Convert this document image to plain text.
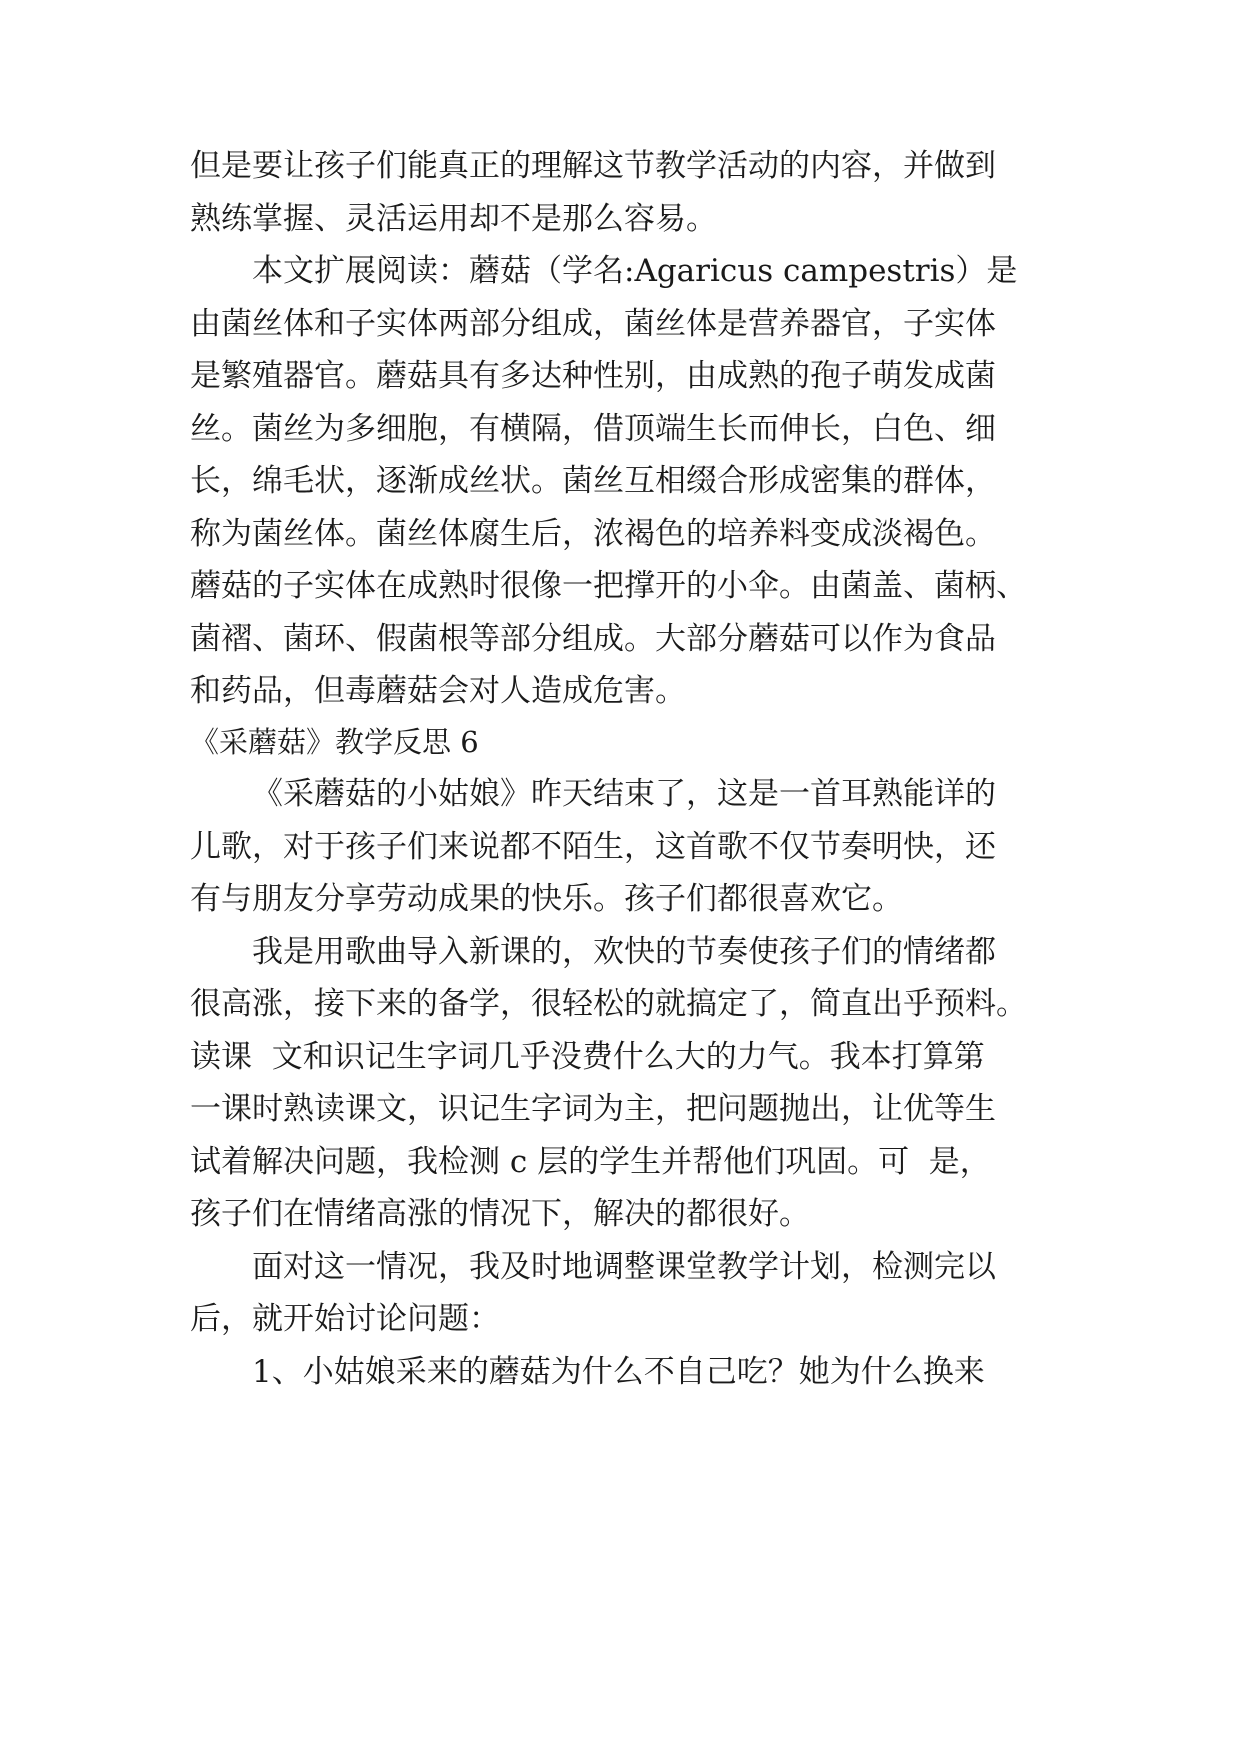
但是要让孩子们能真正的理解这节教学活动的内容，并做到
熟练掌握、灵活运用却不是那么容易。
本文扩展阅读：蘑菇（学名:Agaricus campestris）是
由菌丝体和子实体两部分组成，菌丝体是营养器官，子实体
是繁殖器官。蘑菇具有多达种性别，由成熟的孢子萌发成菌
丝。菌丝为多细胞，有横隔，借顶端生长而伸长，白色、细
长，绵毛状，逐渐成丝状。菌丝互相缀合形成密集的群体，
称为菌丝体。菌丝体腐生后，浓褐色的培养料变成淡褐色。
蘑菇的子实体在成熟时很像一把撑开的小伞。由菌盖、菌柄、
菌褶、菌环、假菌根等部分组成。大部分蘑菇可以作为食品
和药品，但毒蘑菇会对人造成危害。
《采蘑菇》教学反思 6
《采蘑菇的小姑娘》昨天结束了，这是一首耳熟能详的
儿歌，对于孩子们来说都不陌生，这首歌不仅节奏明快，还
有与朋友分享劳动成果的快乐。孩子们都很喜欢它。
我是用歌曲导入新课的，欢快的节奏使孩子们的情绪都
很高涨，接下来的备学，很轻松的就搞定了，简直出乎预料。
读课  文和识记生字词几乎没费什么大的力气。我本打算第
一课时熟读课文，识记生字词为主，把问题抛出，让优等生
试着解决问题，我检测 c 层的学生并帮他们巩固。可  是，
孩子们在情绪高涨的情况下，解决的都很好。
面对这一情况，我及时地调整课堂教学计划，检测完以
后，就开始讨论问题：
1、小姑娘采来的蘑菇为什么不自己吃？她为什么换来
